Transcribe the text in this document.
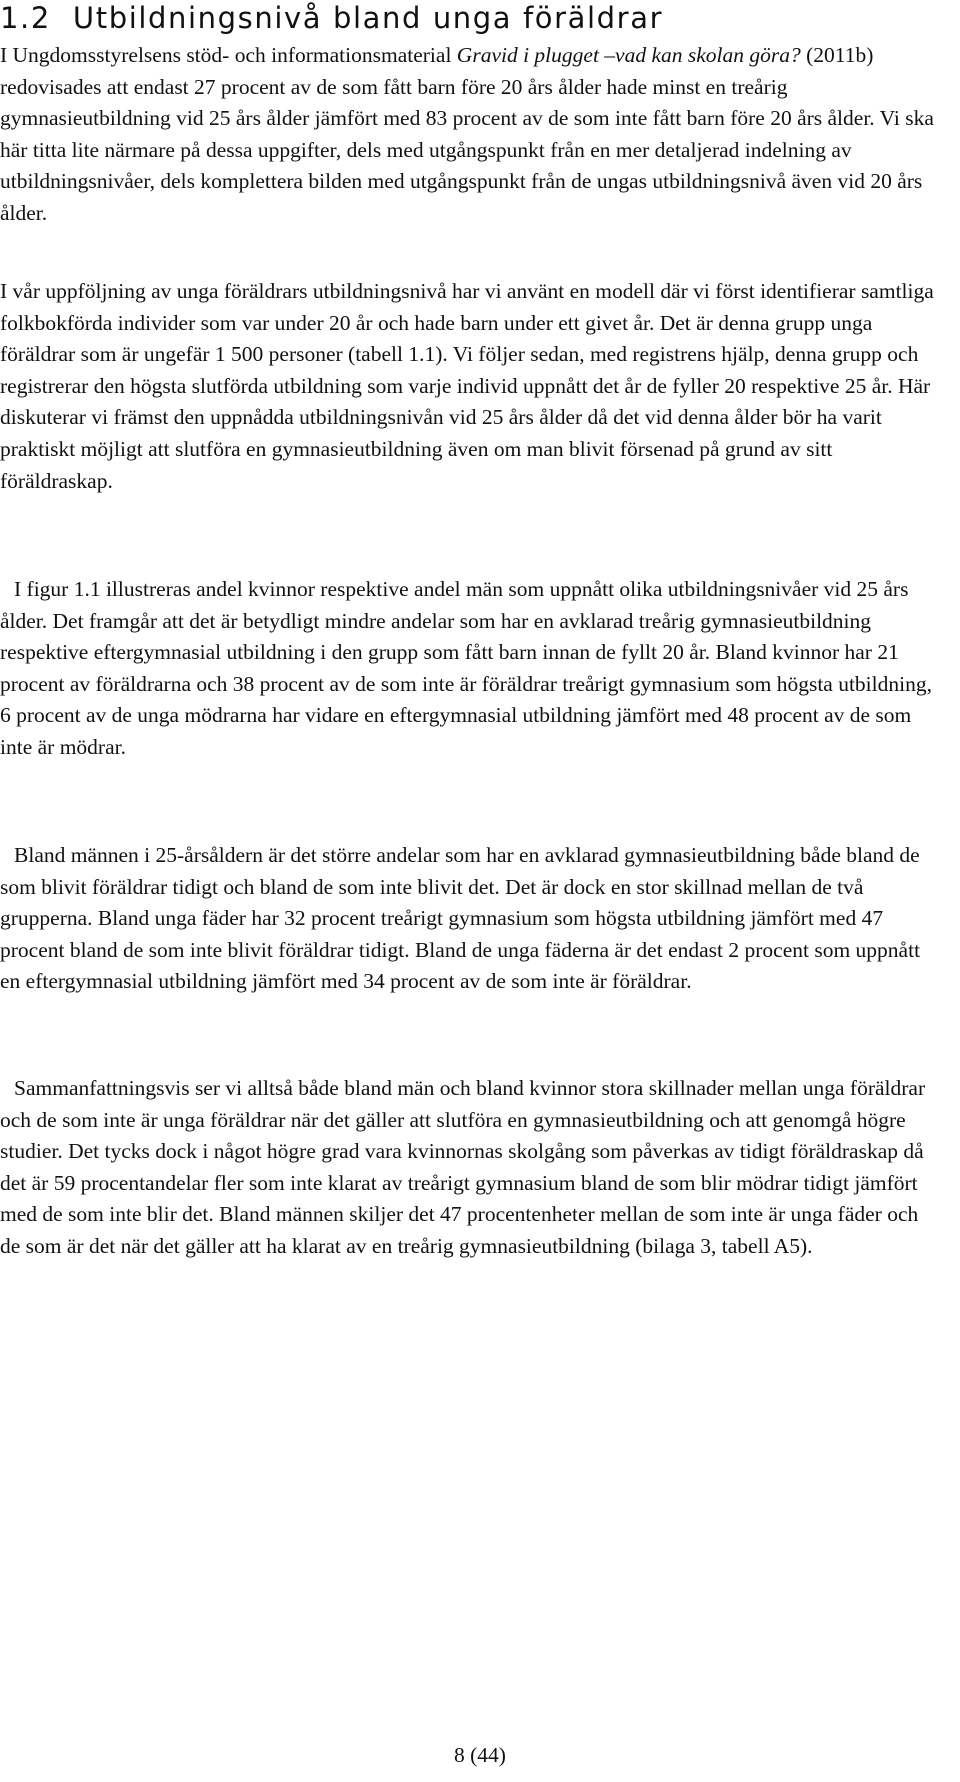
1.2 Utbildningsnivå bland unga föräldrar

I Ungdomsstyrelsens stöd- och informationsmaterial Gravid i plugget –vad kan skolan göra? (2011b) redovisades att endast 27 procent av de som fått barn före 20 års ålder hade minst en treårig gymnasieutbildning vid 25 års ålder jämfört med 83 procent av de som inte fått barn före 20 års ålder. Vi ska här titta lite närmare på dessa uppgifter, dels med utgångspunkt från en mer detaljerad indelning av utbildningsnivåer, dels komplettera bilden med utgångspunkt från de ungas utbildningsnivå även vid 20 års ålder.

I vår uppföljning av unga föräldrars utbildningsnivå har vi använt en modell där vi först identifierar samtliga folkbokförda individer som var under 20 år och hade barn under ett givet år. Det är denna grupp unga föräldrar som är ungefär 1 500 personer (tabell 1.1). Vi följer sedan, med registrens hjälp, denna grupp och registrerar den högsta slutförda utbildning som varje individ uppnått det år de fyller 20 respektive 25 år. Här diskuterar vi främst den uppnådda utbildningsnivån vid 25 års ålder då det vid denna ålder bör ha varit praktiskt möjligt att slutföra en gymnasieutbildning även om man blivit försenad på grund av sitt föräldraskap.

I figur 1.1 illustreras andel kvinnor respektive andel män som uppnått olika utbildningsnivåer vid 25 års ålder. Det framgår att det är betydligt mindre andelar som har en avklarad treårig gymnasieutbildning respektive eftergymnasial utbildning i den grupp som fått barn innan de fyllt 20 år. Bland kvinnor har 21 procent av föräldrarna och 38 procent av de som inte är föräldrar treårigt gymnasium som högsta utbildning, 6 procent av de unga mödrarna har vidare en eftergymnasial utbildning jämfört med 48 procent av de som inte är mödrar.

Bland männen i 25-årsåldern är det större andelar som har en avklarad gymnasieutbildning både bland de som blivit föräldrar tidigt och bland de som inte blivit det. Det är dock en stor skillnad mellan de två grupperna. Bland unga fäder har 32 procent treårigt gymnasium som högsta utbildning jämfört med 47 procent bland de som inte blivit föräldrar tidigt. Bland de unga fäderna är det endast 2 procent som uppnått en eftergymnasial utbildning jämfört med 34 procent av de som inte är föräldrar.

Sammanfattningsvis ser vi alltså både bland män och bland kvinnor stora skillnader mellan unga föräldrar och de som inte är unga föräldrar när det gäller att slutföra en gymnasieutbildning och att genomgå högre studier. Det tycks dock i något högre grad vara kvinnornas skolgång som påverkas av tidigt föräldraskap då det är 59 procentandelar fler som inte klarat av treårigt gymnasium bland de som blir mödrar tidigt jämfört med de som inte blir det. Bland männen skiljer det 47 procentenheter mellan de som inte är unga fäder och de som är det när det gäller att ha klarat av en treårig gymnasieutbildning (bilaga 3, tabell A5).

8 (44)
